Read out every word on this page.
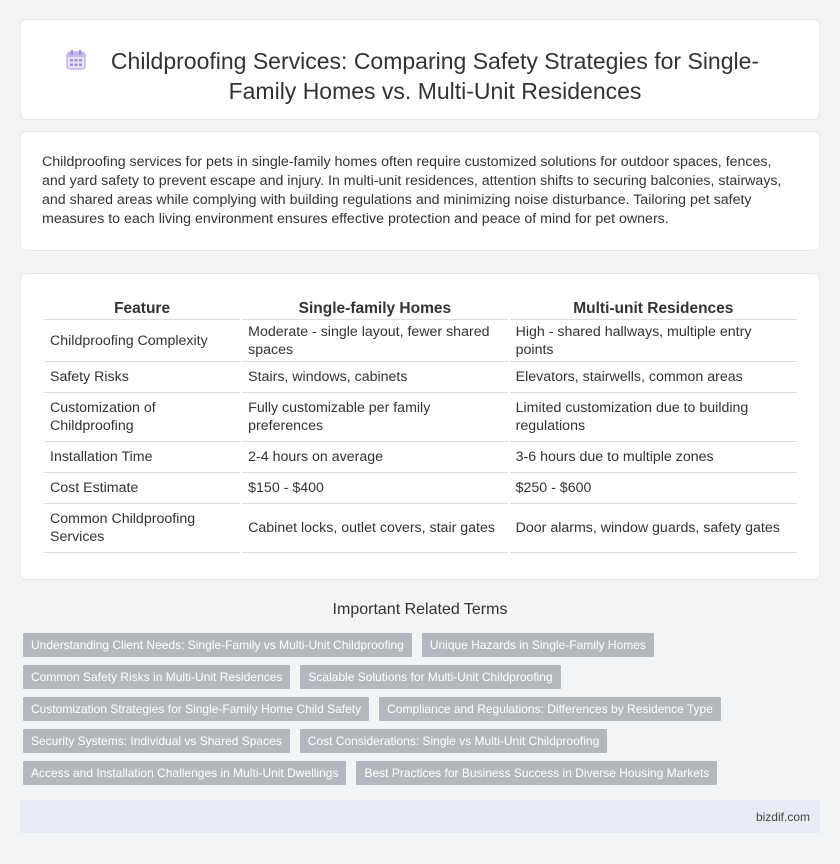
Childproofing Services: Comparing Safety Strategies for Single-Family Homes vs. Multi-Unit Residences

Childproofing services for pets in single-family homes often require customized solutions for outdoor spaces, fences, and yard safety to prevent escape and injury. In multi-unit residences, attention shifts to securing balconies, stairways, and shared areas while complying with building regulations and minimizing noise disturbance. Tailoring pet safety measures to each living environment ensures effective protection and peace of mind for pet owners.

Feature	Single-family Homes	Multi-unit Residences
Childproofing Complexity	Moderate - single layout, fewer shared spaces	High - shared hallways, multiple entry points
Safety Risks	Stairs, windows, cabinets	Elevators, stairwells, common areas
Customization of Childproofing	Fully customizable per family preferences	Limited customization due to building regulations
Installation Time	2-4 hours on average	3-6 hours due to multiple zones
Cost Estimate	$150 - $400	$250 - $600
Common Childproofing Services	Cabinet locks, outlet covers, stair gates	Door alarms, window guards, safety gates
Important Related Terms
Understanding Client Needs: Single-Family vs Multi-Unit Childproofing	Unique Hazards in Single-Family Homes
Common Safety Risks in Multi-Unit Residences	Scalable Solutions for Multi-Unit Childproofing
Customization Strategies for Single-Family Home Child Safety	Compliance and Regulations: Differences by Residence Type
Security Systems: Individual vs Shared Spaces	Cost Considerations: Single vs Multi-Unit Childproofing
Access and Installation Challenges in Multi-Unit Dwellings	Best Practices for Business Success in Diverse Housing Markets
bizdif.com
